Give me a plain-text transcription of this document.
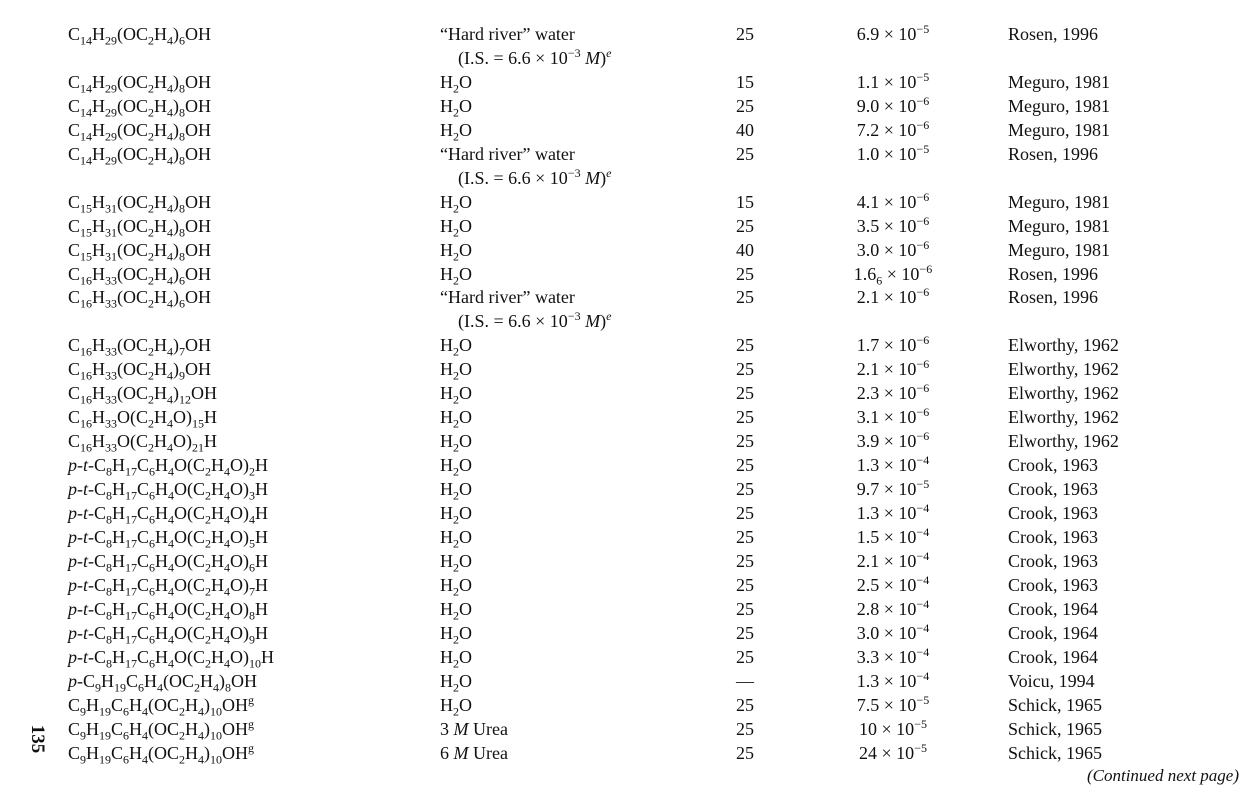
$C_{14}H_{29}(OC_2H_4)_6OH$	“Hard river” water	25	$6.9 \times 10^{-5}$	Rosen, 1996
(I.S. = $6.6 \times 10^{-3}$ M)$^e$
$C_{14}H_{29}(OC_2H_4)_8OH$	$H_2O$	15	$1.1 \times 10^{-5}$	Meguro, 1981
$C_{14}H_{29}(OC_2H_4)_8OH$	$H_2O$	25	$9.0 \times 10^{-6}$	Meguro, 1981
$C_{14}H_{29}(OC_2H_4)_8OH$	$H_2O$	40	$7.2 \times 10^{-6}$	Meguro, 1981
$C_{14}H_{29}(OC_2H_4)_8OH$	“Hard river” water	25	$1.0 \times 10^{-5}$	Rosen, 1996
(I.S. = $6.6 \times 10^{-3}$ M)$^e$
$C_{15}H_{31}(OC_2H_4)_8OH$	$H_2O$	15	$4.1 \times 10^{-6}$	Meguro, 1981
$C_{15}H_{31}(OC_2H_4)_8OH$	$H_2O$	25	$3.5 \times 10^{-6}$	Meguro, 1981
$C_{15}H_{31}(OC_2H_4)_8OH$	$H_2O$	40	$3.0 \times 10^{-6}$	Meguro, 1981
$C_{16}H_{33}(OC_2H_4)_6OH$	$H_2O$	25	$1.6_6 \times 10^{-6}$	Rosen, 1996
$C_{16}H_{33}(OC_2H_4)_6OH$	“Hard river” water	25	$2.1 \times 10^{-6}$	Rosen, 1996
(I.S. = $6.6 \times 10^{-3}$ M)$^e$
$C_{16}H_{33}(OC_2H_4)_7OH$	$H_2O$	25	$1.7 \times 10^{-6}$	Elworthy, 1962
$C_{16}H_{33}(OC_2H_4)_9OH$	$H_2O$	25	$2.1 \times 10^{-6}$	Elworthy, 1962
$C_{16}H_{33}(OC_2H_4)_{12}OH$	$H_2O$	25	$2.3 \times 10^{-6}$	Elworthy, 1962
$C_{16}H_{33}O(C_2H_4O)_{15}H$	$H_2O$	25	$3.1 \times 10^{-6}$	Elworthy, 1962
$C_{16}H_{33}O(C_2H_4O)_{21}H$	$H_2O$	25	$3.9 \times 10^{-6}$	Elworthy, 1962
$p-t-C_8H_{17}C_6H_4O(C_2H_4O)_2H$	$H_2O$	25	$1.3 \times 10^{-4}$	Crook, 1963
$p-t-C_8H_{17}C_6H_4O(C_2H_4O)_3H$	$H_2O$	25	$9.7 \times 10^{-5}$	Crook, 1963
$p-t-C_8H_{17}C_6H_4O(C_2H_4O)_4H$	$H_2O$	25	$1.3 \times 10^{-4}$	Crook, 1963
$p-t-C_8H_{17}C_6H_4O(C_2H_4O)_5H$	$H_2O$	25	$1.5 \times 10^{-4}$	Crook, 1963
$p-t-C_8H_{17}C_6H_4O(C_2H_4O)_6H$	$H_2O$	25	$2.1 \times 10^{-4}$	Crook, 1963
$p-t-C_8H_{17}C_6H_4O(C_2H_4O)_7H$	$H_2O$	25	$2.5 \times 10^{-4}$	Crook, 1963
$p-t-C_8H_{17}C_6H_4O(C_2H_4O)_8H$	$H_2O$	25	$2.8 \times 10^{-4}$	Crook, 1964
$p-t-C_8H_{17}C_6H_4O(C_2H_4O)_9H$	$H_2O$	25	$3.0 \times 10^{-4}$	Crook, 1964
$p-t-C_8H_{17}C_6H_4O(C_2H_4O)_{10}H$	$H_2O$	25	$3.3 \times 10^{-4}$	Crook, 1964
$p-C_9H_{19}C_6H_4(OC_2H_4)_8OH$	$H_2O$	—	$1.3 \times 10^{-4}$	Voicu, 1994
$C_9H_{19}C_6H_4(OC_2H_4)_{10}OH^g$	$H_2O$	25	$7.5 \times 10^{-5}$	Schick, 1965
$C_9H_{19}C_6H_4(OC_2H_4)_{10}OH^g$	3 M Urea	25	$10 \times 10^{-5}$	Schick, 1965
$C_9H_{19}C_6H_4(OC_2H_4)_{10}OH^g$	6 M Urea	25	$24 \times 10^{-5}$	Schick, 1965
135
(Continued next page)
